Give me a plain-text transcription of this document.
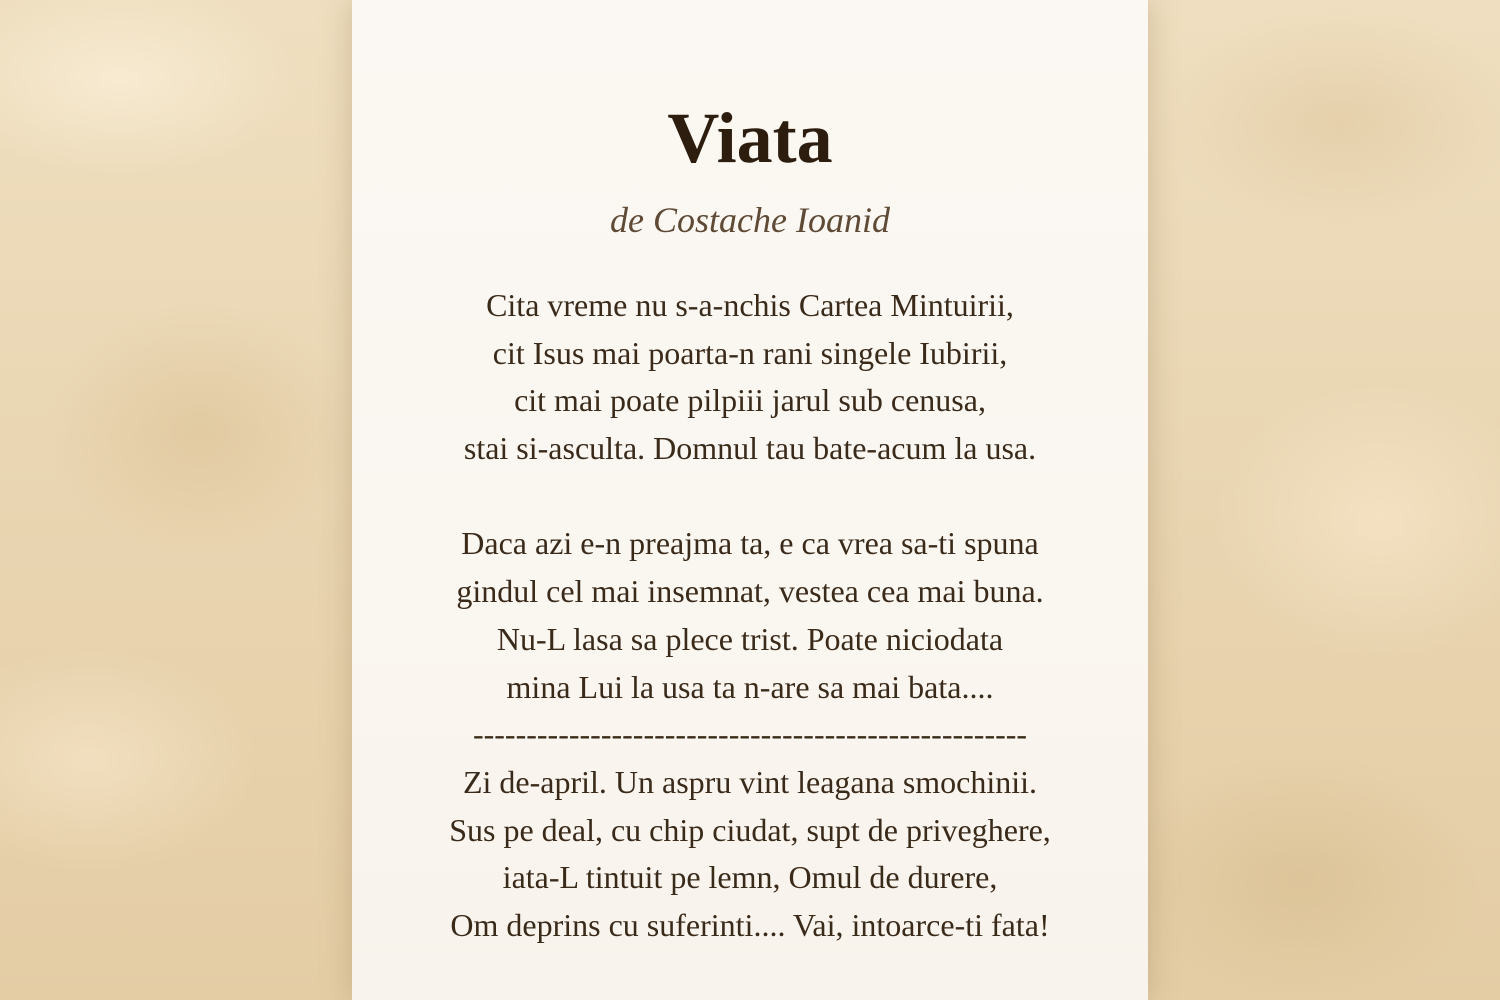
Viata

de Costache Ioanid

Cita vreme nu s-a-nchis Cartea Mintuirii,
cit Isus mai poarta-n rani singele Iubirii,
cit mai poate pilpiii jarul sub cenusa,
stai si-asculta. Domnul tau bate-acum la usa.
Daca azi e-n preajma ta, e ca vrea sa-ti spuna
gindul cel mai insemnat, vestea cea mai buna.
Nu-L lasa sa plece trist. Poate niciodata
mina Lui la usa ta n-are sa mai bata....
----------------------------------------------------
Zi de-april. Un aspru vint leagana smochinii.
Sus pe deal, cu chip ciudat, supt de priveghere,
iata-L tintuit pe lemn, Omul de durere,
Om deprins cu suferinti.... Vai, intoarce-ti fata!
